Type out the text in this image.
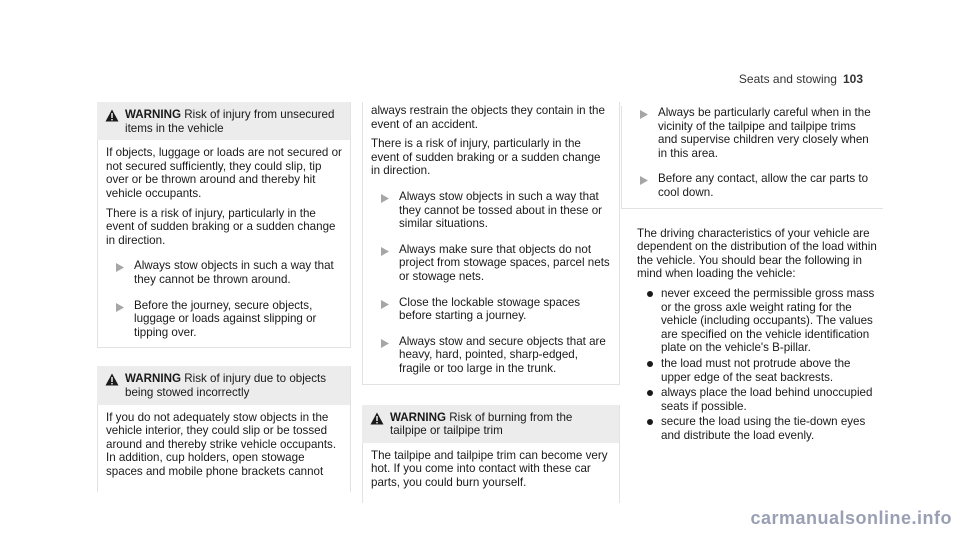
Seats and stowing 103
WARNING Risk of injury from unsecured items in the vehicle

If objects, luggage or loads are not secured or not secured sufficiently, they could slip, tip over or be thrown around and thereby hit vehicle occupants.

There is a risk of injury, particularly in the event of sudden braking or a sudden change in direction.

Always stow objects in such a way that they cannot be thrown around.
Before the journey, secure objects, luggage or loads against slipping or tipping over.
WARNING Risk of injury due to objects being stowed incorrectly

If you do not adequately stow objects in the vehicle interior, they could slip or be tossed around and thereby strike vehicle occupants. In addition, cup holders, open stowage spaces and mobile phone brackets cannot

always restrain the objects they contain in the event of an accident.

There is a risk of injury, particularly in the event of sudden braking or a sudden change in direction.

Always stow objects in such a way that they cannot be tossed about in these or similar situations.
Always make sure that objects do not project from stowage spaces, parcel nets or stowage nets.
Close the lockable stowage spaces before starting a journey.
Always stow and secure objects that are heavy, hard, pointed, sharp-edged, fragile or too large in the trunk.
WARNING Risk of burning from the tailpipe or tailpipe trim

The tailpipe and tailpipe trim can become very hot. If you come into contact with these car parts, you could burn yourself.

Always be particularly careful when in the vicinity of the tailpipe and tailpipe trims and supervise children very closely when in this area.
Before any contact, allow the car parts to cool down.

The driving characteristics of your vehicle are dependent on the distribution of the load within the vehicle. You should bear the following in mind when loading the vehicle:

never exceed the permissible gross mass or the gross axle weight rating for the vehicle (including occupants). The values are specified on the vehicle identification plate on the vehicle's B-pillar.
the load must not protrude above the upper edge of the seat backrests.
always place the load behind unoccupied seats if possible.
secure the load using the tie-down eyes and distribute the load evenly.
carmanualsonline.info
